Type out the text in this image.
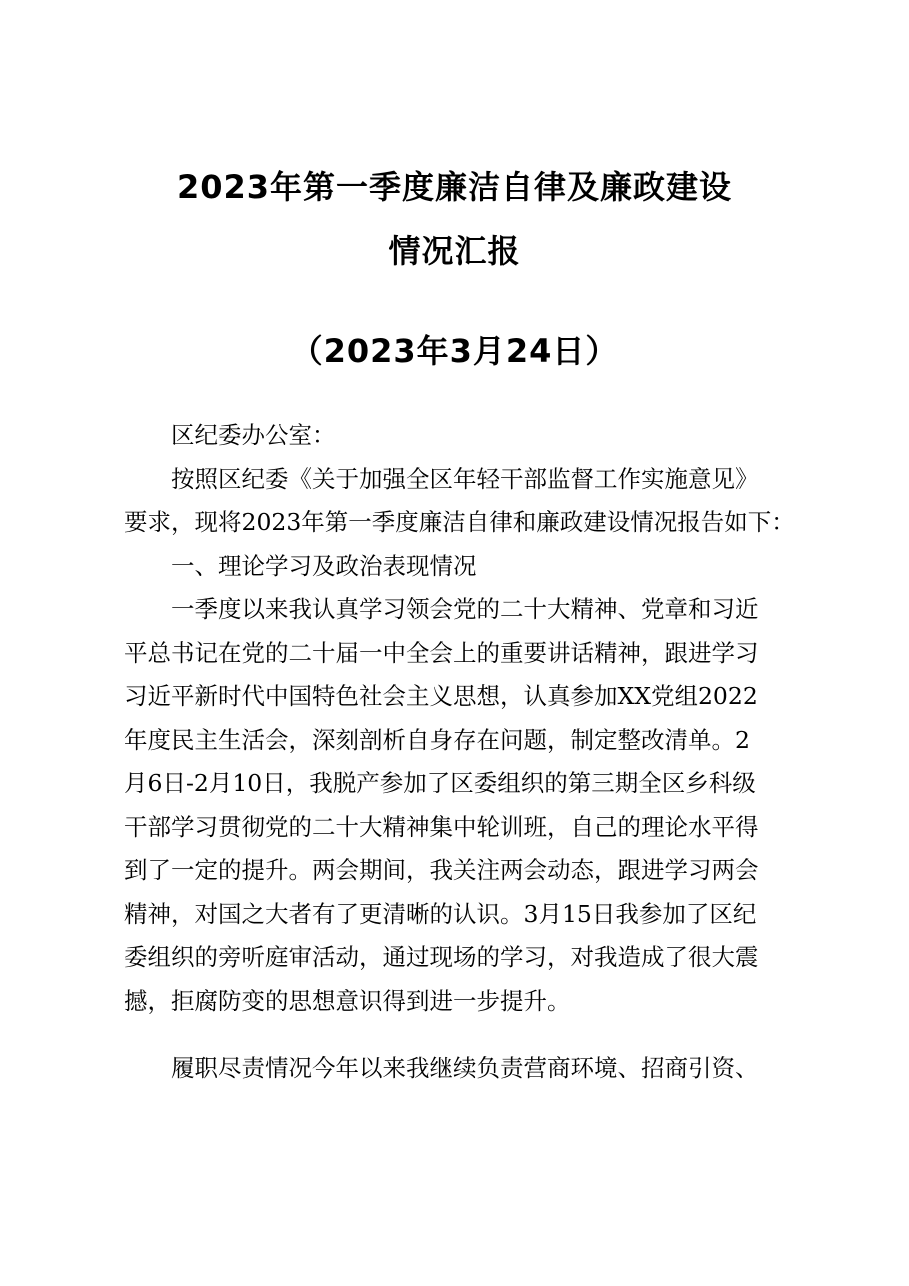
2023年第一季度廉洁自律及廉政建设
情况汇报
（2023年3月24日）
区纪委办公室：
按照区纪委《关于加强全区年轻干部监督工作实施意见》
要求，现将2023年第一季度廉洁自律和廉政建设情况报告如下：
一、理论学习及政治表现情况
一季度以来我认真学习领会党的二十大精神、党章和习近
平总书记在党的二十届一中全会上的重要讲话精神，跟进学习
习近平新时代中国特色社会主义思想，认真参加XX党组2022
年度民主生活会，深刻剖析自身存在问题，制定整改清单。2
月6日-2月10日，我脱产参加了区委组织的第三期全区乡科级
干部学习贯彻党的二十大精神集中轮训班，自己的理论水平得
到了一定的提升。两会期间，我关注两会动态，跟进学习两会
精神，对国之大者有了更清晰的认识。3月15日我参加了区纪
委组织的旁听庭审活动，通过现场的学习，对我造成了很大震
撼，拒腐防变的思想意识得到进一步提升。
履职尽责情况今年以来我继续负责营商环境、招商引资、
